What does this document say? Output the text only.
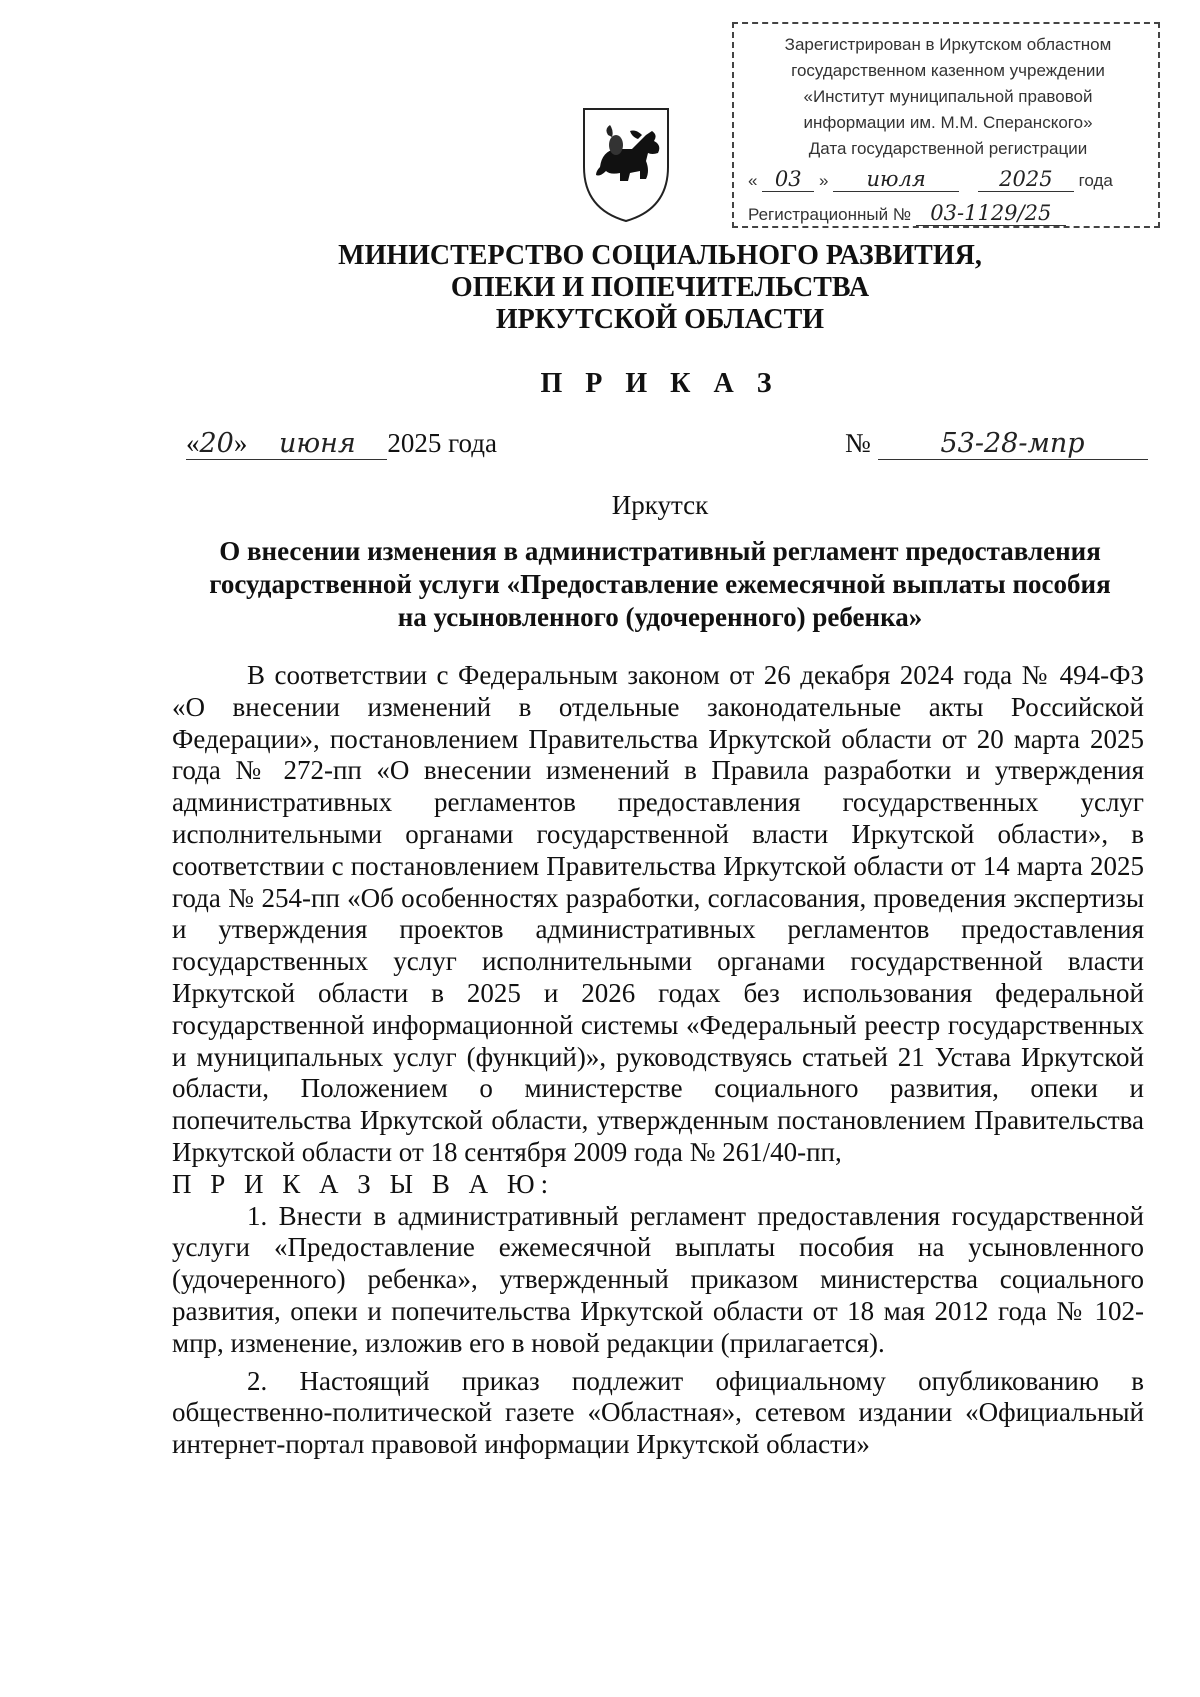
Зарегистрирован в Иркутском областном
государственном казенном учреждении
«Институт муниципальной правовой
информации им. М.М. Сперанского»
Дата государственной регистрации
« 03 » июля	2025 года
Регистрационный № 03-1129/25
МИНИСТЕРСТВО СОЦИАЛЬНОГО РАЗВИТИЯ,
ОПЕКИ И ПОПЕЧИТЕЛЬСТВА
ИРКУТСКОЙ ОБЛАСТИ
П Р И К А З
«20» июня 2025 года	№	53-28-мпр
Иркутск
О внесении изменения в административный регламент предоставления
государственной услуги «Предоставление ежемесячной выплаты пособия
на усыновленного (удочеренного) ребенка»

В соответствии с Федеральным законом от 26 декабря 2024 года № 494-ФЗ «О внесении изменений в отдельные законодательные акты Российской Федерации», постановлением Правительства Иркутской области от 20 марта 2025 года № 272-пп «О внесении изменений в Правила разработки и утверждения административных регламентов предоставления государственных услуг исполнительными органами государственной власти Иркутской области», в соответствии с постановлением Правительства Иркутской области от 14 марта 2025 года № 254-пп «Об особенностях разработки, согласования, проведения экспертизы и утверждения проектов административных регламентов предоставления государственных услуг исполнительными органами государственной власти Иркутской области в 2025 и 2026 годах без использования федеральной государственной информационной системы «Федеральный реестр государственных и муниципальных услуг (функций)», руководствуясь статьей 21 Устава Иркутской области, Положением о министерстве социального развития, опеки и попечительства Иркутской области, утвержденным постановлением Правительства Иркутской области от 18 сентября 2009 года № 261/40-пп,

П Р И К А З Ы В А Ю:

1. Внести в административный регламент предоставления государственной услуги «Предоставление ежемесячной выплаты пособия на усыновленного (удочеренного) ребенка», утвержденный приказом министерства социального развития, опеки и попечительства Иркутской области от 18 мая 2012 года № 102-мпр, изменение, изложив его в новой редакции (прилагается).

2. Настоящий приказ подлежит официальному опубликованию в общественно-политической газете «Областная», сетевом издании «Официальный интернет-портал правовой информации Иркутской области»
